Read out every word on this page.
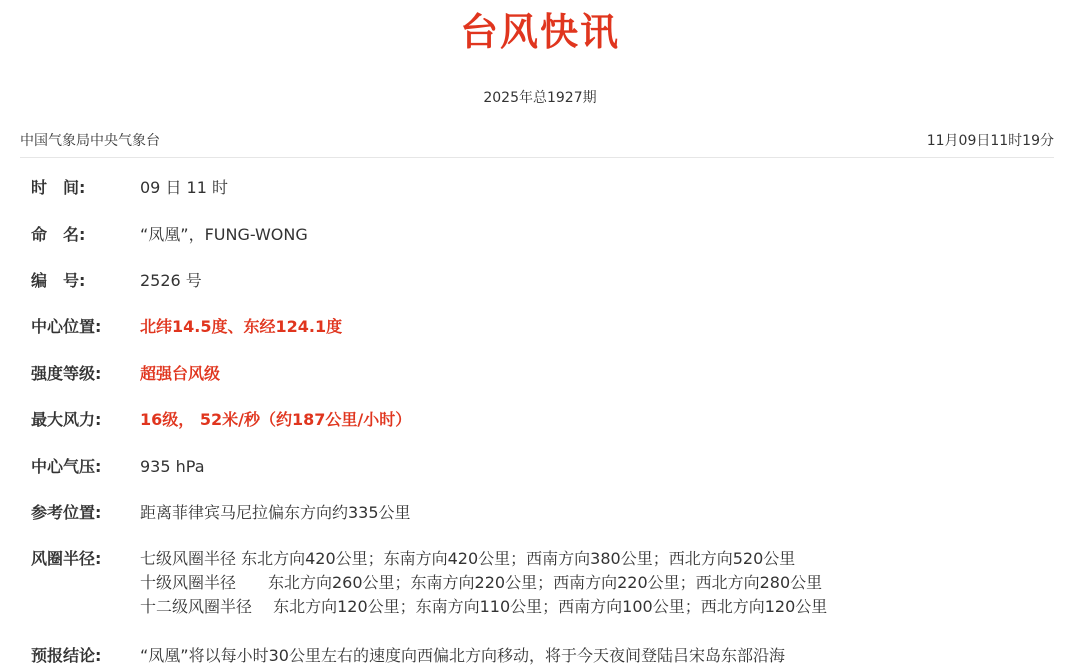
台风快讯
2025年总1927期
中国气象局中央气象台	11月09日11时19分
时　间:	09 日 11 时
命　名:	“凤凰”，FUNG-WONG
编　号:	2526 号
中心位置: 北纬14.5度、东经124.1度
强度等级: 超强台风级
最大风力: 16级， 52米/秒（约187公里/小时）
中心气压: 935 hPa
参考位置: 距离菲律宾马尼拉偏东方向约335公里
风圈半径: 七级风圈半径 东北方向420公里；东南方向420公里；西南方向380公里；西北方向520公里
十级风圈半径　　东北方向260公里；东南方向220公里；西南方向220公里；西北方向280公里
十二级风圈半径　 东北方向120公里；东南方向110公里；西南方向100公里；西北方向120公里
预报结论: “凤凰”将以每小时30公里左右的速度向西偏北方向移动，将于今天夜间登陆吕宋岛东部沿海
